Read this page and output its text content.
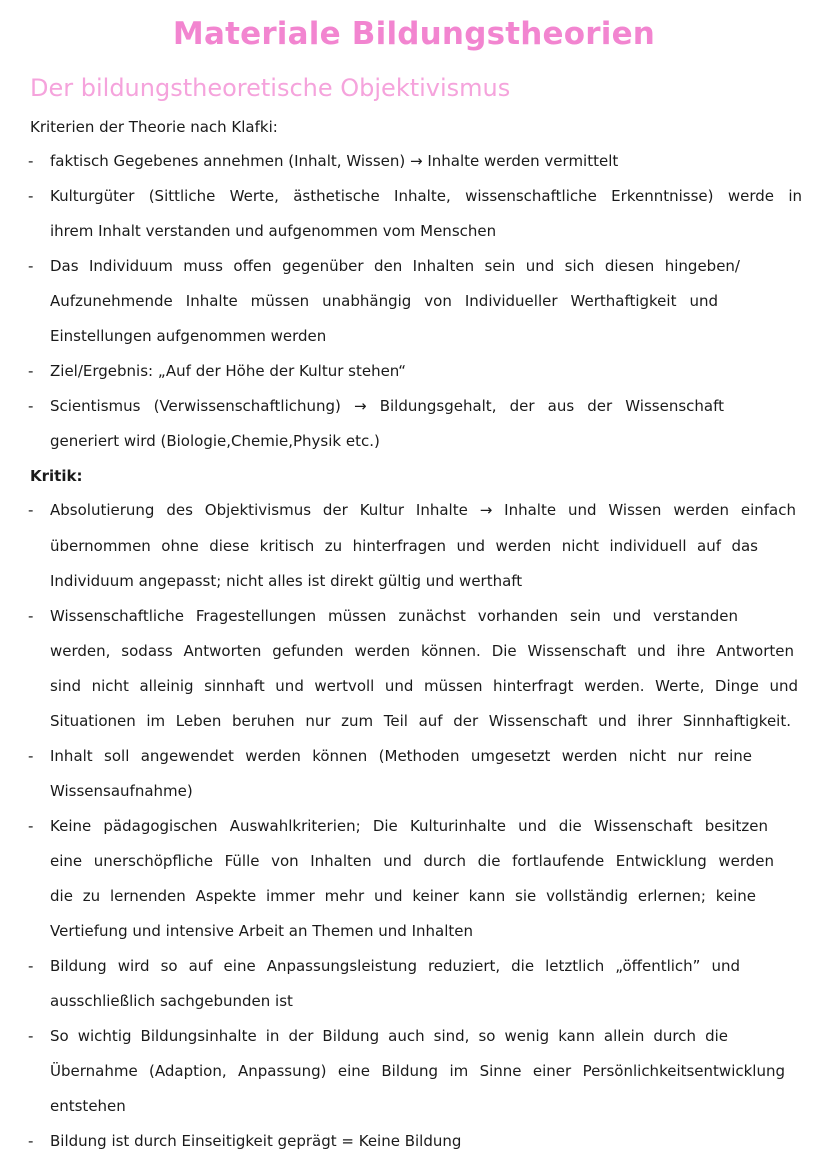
Materiale Bildungstheorien
Der bildungstheoretische Objektivismus
Kriterien der Theorie nach Klafki:
- faktisch Gegebenes annehmen (Inhalt, Wissen) → Inhalte werden vermittelt
- Kulturgüter (Sittliche Werte, ästhetische Inhalte, wissenschaftliche Erkenntnisse) werde in
ihrem Inhalt verstanden und aufgenommen vom Menschen
- Das Individuum muss offen gegenüber den Inhalten sein und sich diesen hingeben/
Aufzunehmende Inhalte müssen unabhängig von Individueller Werthaftigkeit und
Einstellungen aufgenommen werden
- Ziel/Ergebnis: „Auf der Höhe der Kultur stehen“
- Scientismus (Verwissenschaftlichung) → Bildungsgehalt, der aus der Wissenschaft
generiert wird (Biologie,Chemie,Physik etc.)
Kritik:
- Absolutierung des Objektivismus der Kultur Inhalte → Inhalte und Wissen werden einfach
übernommen ohne diese kritisch zu hinterfragen und werden nicht individuell auf das
Individuum angepasst; nicht alles ist direkt gültig und werthaft
- Wissenschaftliche Fragestellungen müssen zunächst vorhanden sein und verstanden
werden, sodass Antworten gefunden werden können. Die Wissenschaft und ihre Antworten
sind nicht alleinig sinnhaft und wertvoll und müssen hinterfragt werden. Werte, Dinge und
Situationen im Leben beruhen nur zum Teil auf der Wissenschaft und ihrer Sinnhaftigkeit.
- Inhalt soll angewendet werden können (Methoden umgesetzt werden nicht nur reine
Wissensaufnahme)
- Keine pädagogischen Auswahlkriterien; Die Kulturinhalte und die Wissenschaft besitzen
eine unerschöpfliche Fülle von Inhalten und durch die fortlaufende Entwicklung werden
die zu lernenden Aspekte immer mehr und keiner kann sie vollständig erlernen; keine
Vertiefung und intensive Arbeit an Themen und Inhalten
- Bildung wird so auf eine Anpassungsleistung reduziert, die letztlich „öffentlich” und
ausschließlich sachgebunden ist
- So wichtig Bildungsinhalte in der Bildung auch sind, so wenig kann allein durch die
Übernahme (Adaption, Anpassung) eine Bildung im Sinne einer Persönlichkeitsentwicklung
entstehen
- Bildung ist durch Einseitigkeit geprägt = Keine Bildung
